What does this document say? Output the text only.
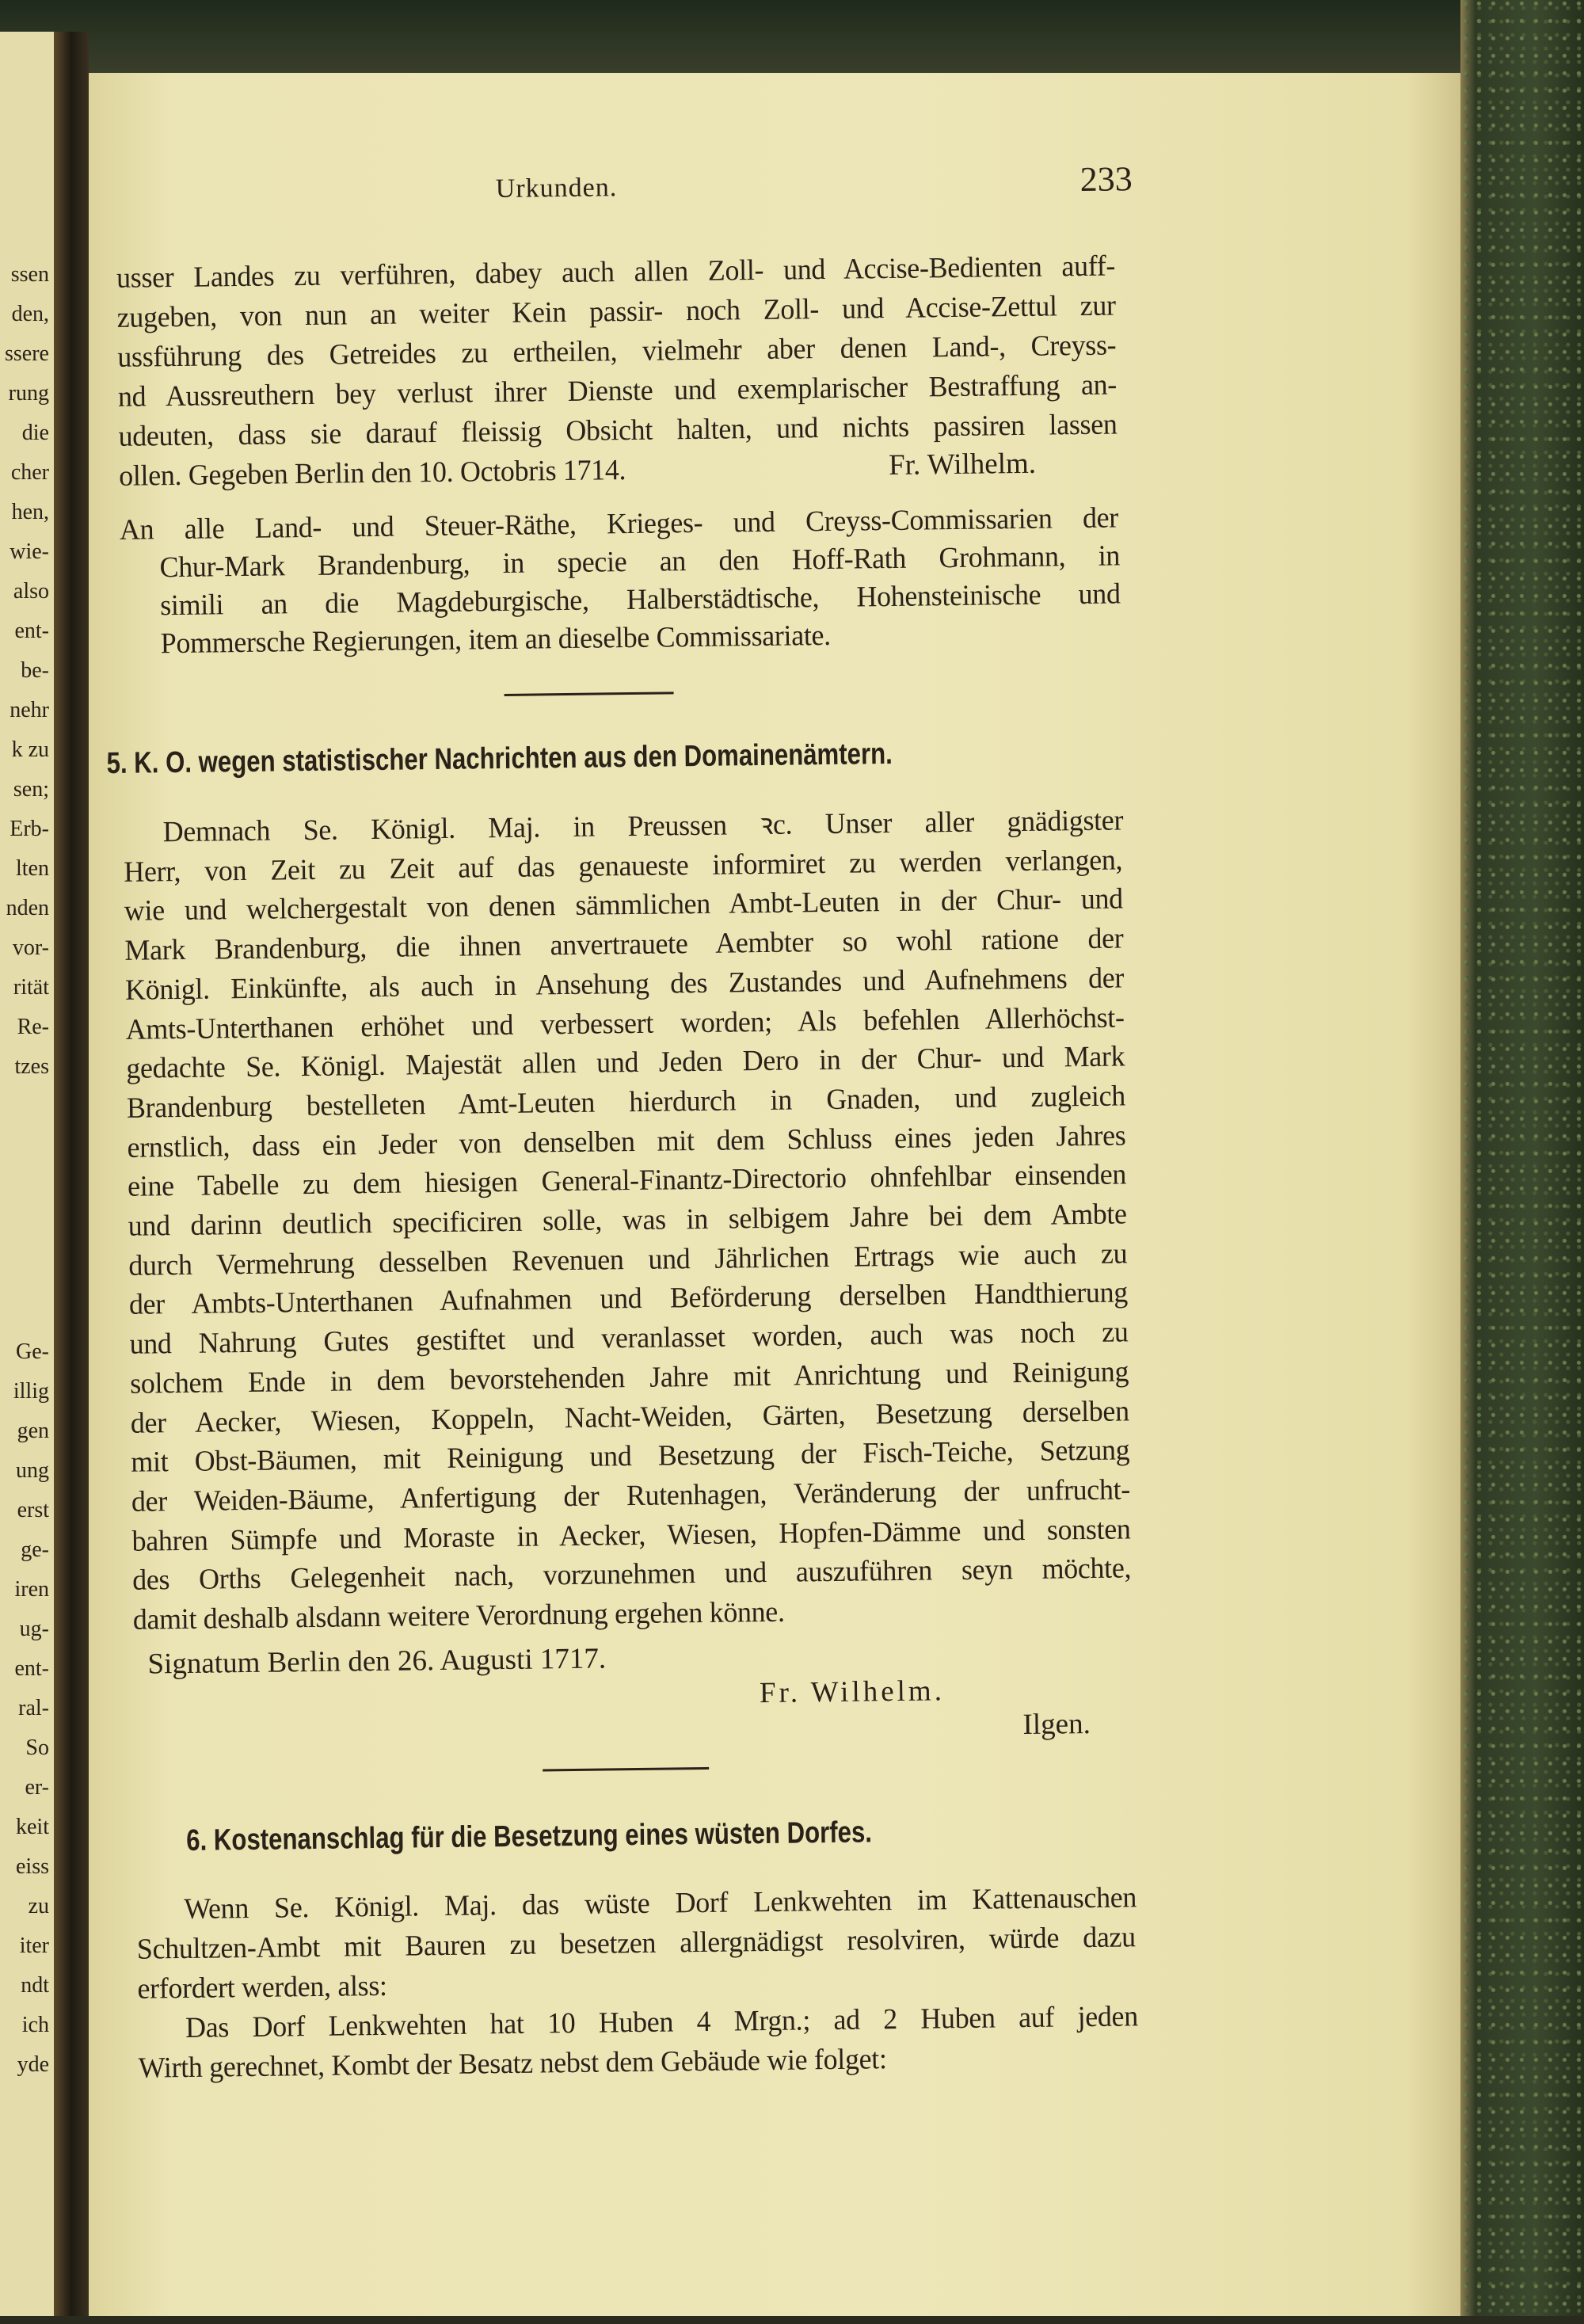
ssen
den,
ssere
rung
die
cher
hen,
wie-
also
ent-
be-
nehr
k zu
sen;
Erb-
lten
nden
vor-
rität
Re-
tzes
Ge-
illig
gen
ung
erst
ge-
iren
ug-
ent-
ral-
So
er-
keit
eiss
zu
iter
ndt
ich
yde
Urkunden.	233
Fr. Wilhelm.
5. K. O. wegen statistischer Nachrichten aus den Domainenämtern.
Signatum Berlin den 26. Augusti 1717.
Fr. Wilhelm.
Ilgen.
6. Kostenanschlag für die Besetzung eines wüsten Dorfes.
usser Landes zu verführen, dabey auch allen Zoll- und Accise-Bedienten auff-
zugeben, von nun an weiter Kein passir- noch Zoll- und Accise-Zettul zur
ussführung des Getreides zu ertheilen, vielmehr aber denen Land-, Creyss-
nd Aussreuthern bey verlust ihrer Dienste und exemplarischer Bestraffung an-
udeuten, dass sie darauf fleissig Obsicht halten, und nichts passiren lassen
ollen. Gegeben Berlin den 10. Octobris 1714.
An alle Land- und Steuer-Räthe, Krieges- und Creyss-Commissarien der
Chur-Mark Brandenburg, in specie an den Hoff-Rath Grohmann, in
simili an die Magdeburgische, Halberstädtische, Hohensteinische und
Pommersche Regierungen, item an dieselbe Commissariate.
Demnach Se. Königl. Maj. in Preussen ꝛc. Unser aller gnädigster
Herr, von Zeit zu Zeit auf das genaueste informiret zu werden verlangen,
wie und welchergestalt von denen sämmlichen Ambt-Leuten in der Chur- und
Mark Brandenburg, die ihnen anvertrauete Aembter so wohl ratione der
Königl. Einkünfte, als auch in Ansehung des Zustandes und Aufnehmens der
Amts-Unterthanen erhöhet und verbessert worden; Als befehlen Allerhöchst-
gedachte Se. Königl. Majestät allen und Jeden Dero in der Chur- und Mark
Brandenburg bestelleten Amt-Leuten hierdurch in Gnaden, und zugleich
ernstlich, dass ein Jeder von denselben mit dem Schluss eines jeden Jahres
eine Tabelle zu dem hiesigen General-Finantz-Directorio ohnfehlbar einsenden
und darinn deutlich specificiren solle, was in selbigem Jahre bei dem Ambte
durch Vermehrung desselben Revenuen und Jährlichen Ertrags wie auch zu
der Ambts-Unterthanen Aufnahmen und Beförderung derselben Handthierung
und Nahrung Gutes gestiftet und veranlasset worden, auch was noch zu
solchem Ende in dem bevorstehenden Jahre mit Anrichtung und Reinigung
der Aecker, Wiesen, Koppeln, Nacht-Weiden, Gärten, Besetzung derselben
mit Obst-Bäumen, mit Reinigung und Besetzung der Fisch-Teiche, Setzung
der Weiden-Bäume, Anfertigung der Rutenhagen, Veränderung der unfrucht-
bahren Sümpfe und Moraste in Aecker, Wiesen, Hopfen-Dämme und sonsten
des Orths Gelegenheit nach, vorzunehmen und auszuführen seyn möchte,
damit deshalb alsdann weitere Verordnung ergehen könne.
Wenn Se. Königl. Maj. das wüste Dorf Lenkwehten im Kattenauschen
Schultzen-Ambt mit Bauren zu besetzen allergnädigst resolviren, würde dazu
erfordert werden, alss:
Das Dorf Lenkwehten hat 10 Huben 4 Mrgn.; ad 2 Huben auf jeden
Wirth gerechnet, Kombt der Besatz nebst dem Gebäude wie folget:
